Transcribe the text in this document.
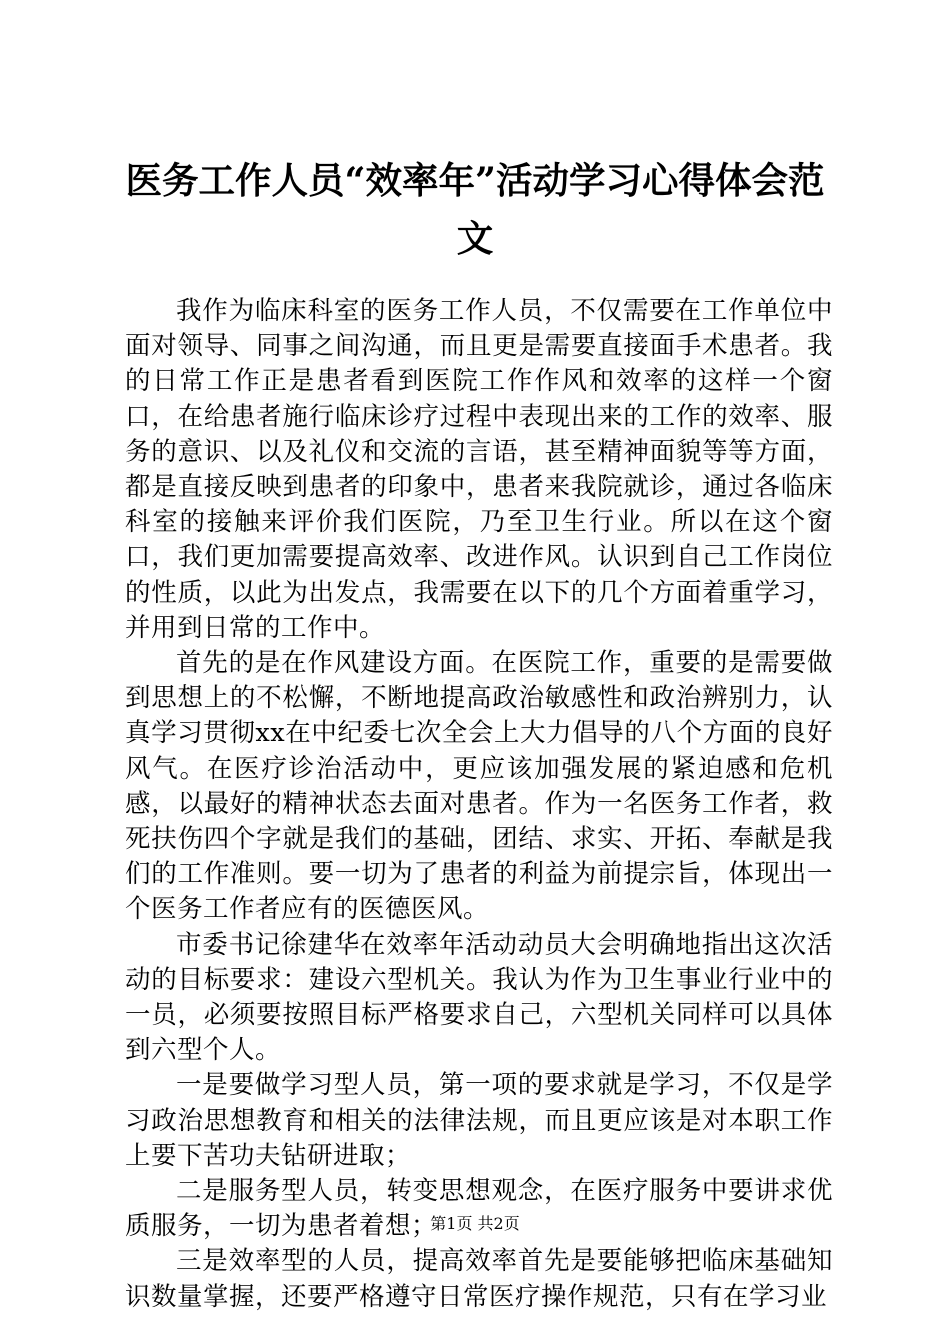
医务工作人员“效率年”活动学习心得体会范文

我作为临床科室的医务工作人员，不仅需要在工作单位中面对领导、同事之间沟通，而且更是需要直接面手术患者。我的日常工作正是患者看到医院工作作风和效率的这样一个窗口，在给患者施行临床诊疗过程中表现出来的工作的效率、服务的意识、以及礼仪和交流的言语，甚至精神面貌等等方面，都是直接反映到患者的印象中，患者来我院就诊，通过各临床科室的接触来评价我们医院，乃至卫生行业。所以在这个窗口，我们更加需要提高效率、改进作风。认识到自己工作岗位的性质，以此为出发点，我需要在以下的几个方面着重学习，并用到日常的工作中。

首先的是在作风建设方面。在医院工作，重要的是需要做到思想上的不松懈，不断地提高政治敏感性和政治辨别力，认真学习贯彻xx在中纪委七次全会上大力倡导的八个方面的良好风气。在医疗诊治活动中，更应该加强发展的紧迫感和危机感，以最好的精神状态去面对患者。作为一名医务工作者，救死扶伤四个字就是我们的基础，团结、求实、开拓、奉献是我们的工作准则。要一切为了患者的利益为前提宗旨，体现出一个医务工作者应有的医德医风。

市委书记徐建华在效率年活动动员大会明确地指出这次活动的目标要求：建设六型机关。我认为作为卫生事业行业中的一员，必须要按照目标严格要求自己，六型机关同样可以具体到六型个人。

一是要做学习型人员，第一项的要求就是学习，不仅是学习政治思想教育和相关的法律法规，而且更应该是对本职工作上要下苦功夫钻研进取；

二是服务型人员，转变思想观念，在医疗服务中要讲求优质服务，一切为患者着想；

三是效率型的人员，提高效率首先是要能够把临床基础知识数量掌握，还要严格遵守日常医疗操作规范，只有在学习业

第1页 共2页
